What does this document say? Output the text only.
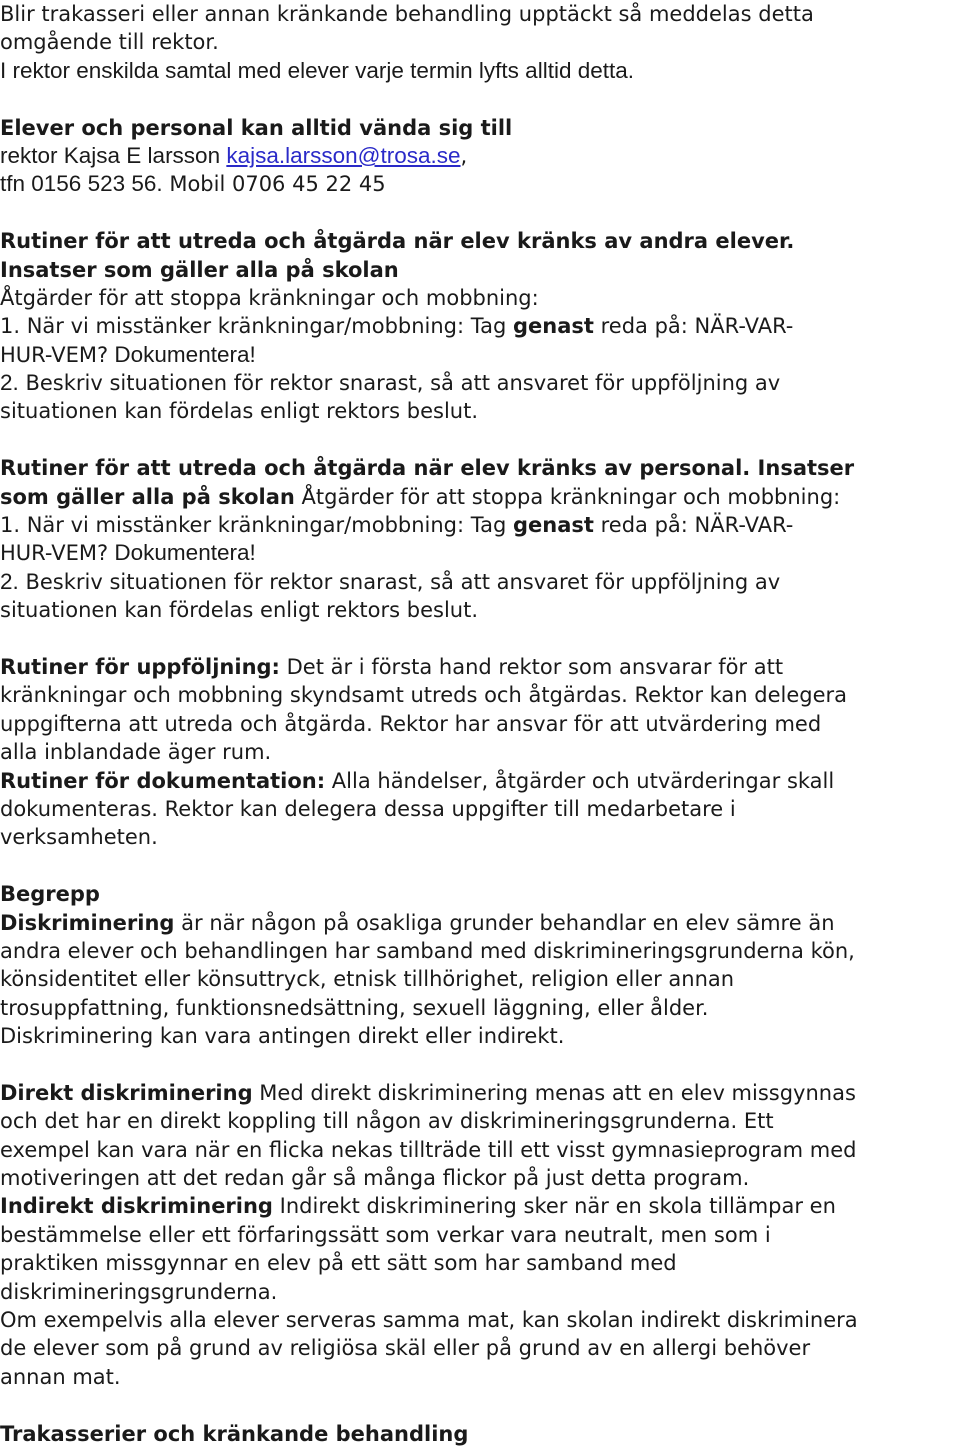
Blir trakasseri eller annan kränkande behandling upptäckt så meddelas detta
omgående till rektor.
I rektor enskilda samtal med elever varje termin lyfts alltid detta.
Elever och personal kan alltid vända sig till
rektor Kajsa E larsson kajsa.larsson@trosa.se,
tfn 0156 523 56. Mobil 0706 45 22 45
Rutiner för att utreda och åtgärda när elev kränks av andra elever.
Insatser som gäller alla på skolan
Åtgärder för att stoppa kränkningar och mobbning:
1. När vi misstänker kränkningar/mobbning: Tag genast reda på: NÄR-VAR-
HUR-VEM? Dokumentera!
2. Beskriv situationen för rektor snarast, så att ansvaret för uppföljning av
situationen kan fördelas enligt rektors beslut.
Rutiner för att utreda och åtgärda när elev kränks av personal. Insatser
som gäller alla på skolan Åtgärder för att stoppa kränkningar och mobbning:
1. När vi misstänker kränkningar/mobbning: Tag genast reda på: NÄR-VAR-
HUR-VEM? Dokumentera!
2. Beskriv situationen för rektor snarast, så att ansvaret för uppföljning av
situationen kan fördelas enligt rektors beslut.
Rutiner för uppföljning: Det är i första hand rektor som ansvarar för att
kränkningar och mobbning skyndsamt utreds och åtgärdas. Rektor kan delegera
uppgifterna att utreda och åtgärda. Rektor har ansvar för att utvärdering med
alla inblandade äger rum.
Rutiner för dokumentation: Alla händelser, åtgärder och utvärderingar skall
dokumenteras. Rektor kan delegera dessa uppgifter till medarbetare i
verksamheten.
Begrepp
Diskriminering är när någon på osakliga grunder behandlar en elev sämre än
andra elever och behandlingen har samband med diskrimineringsgrunderna kön,
könsidentitet eller könsuttryck, etnisk tillhörighet, religion eller annan
trosuppfattning, funktionsnedsättning, sexuell läggning, eller ålder.
Diskriminering kan vara antingen direkt eller indirekt.
Direkt diskriminering Med direkt diskriminering menas att en elev missgynnas
och det har en direkt koppling till någon av diskrimineringsgrunderna. Ett
exempel kan vara när en flicka nekas tillträde till ett visst gymnasieprogram med
motiveringen att det redan går så många flickor på just detta program.
Indirekt diskriminering Indirekt diskriminering sker när en skola tillämpar en
bestämmelse eller ett förfaringssätt som verkar vara neutralt, men som i
praktiken missgynnar en elev på ett sätt som har samband med
diskrimineringsgrunderna.
Om exempelvis alla elever serveras samma mat, kan skolan indirekt diskriminera
de elever som på grund av religiösa skäl eller på grund av en allergi behöver
annan mat.
Trakasserier och kränkande behandling
